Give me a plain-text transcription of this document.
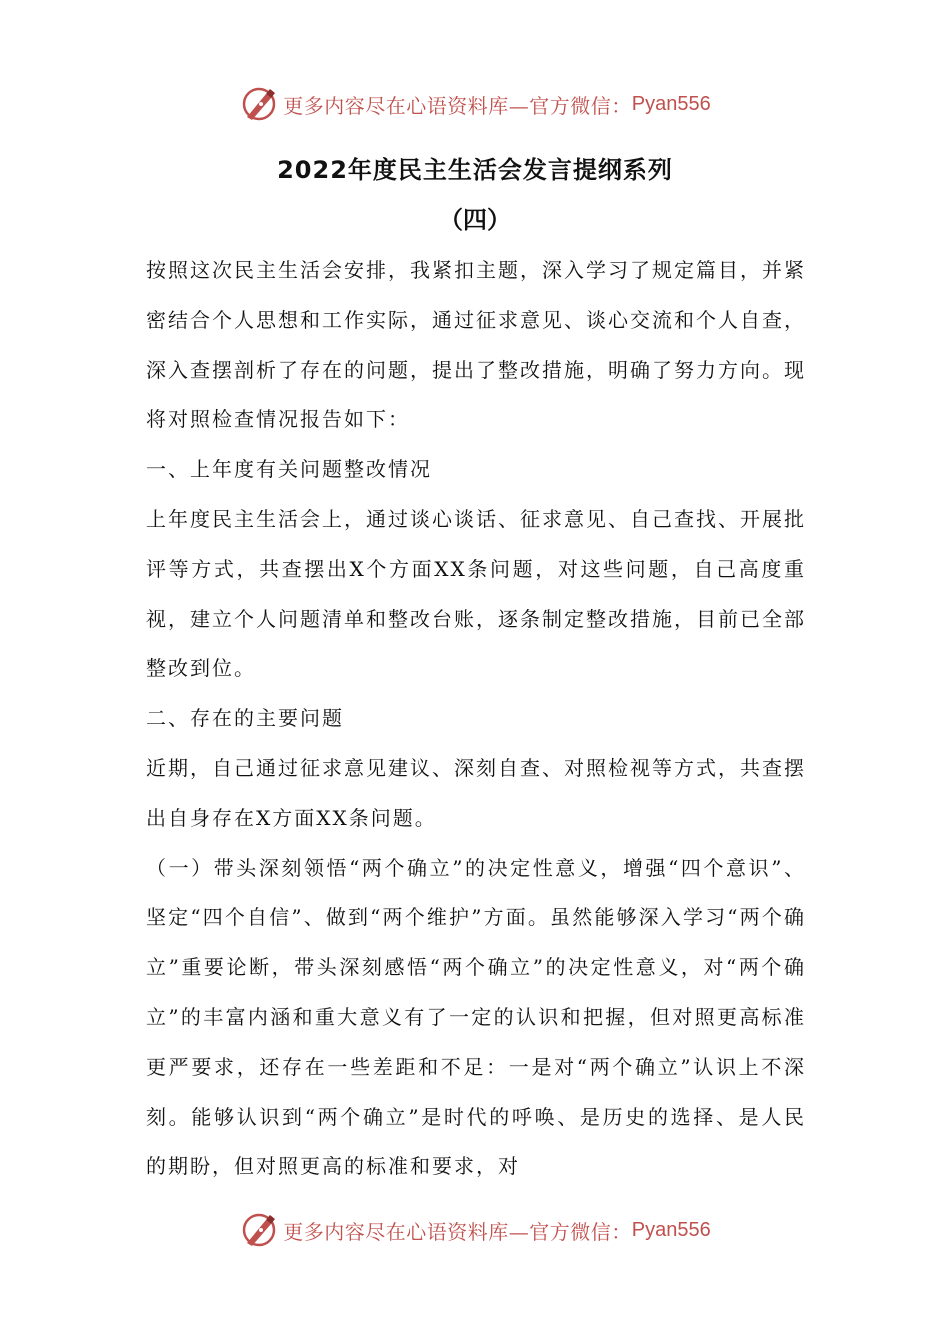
更多内容尽在心语资料库—官方微信： Pyan556
2022年度民主生活会发言提纲系列
（四）

按照这次民主生活会安排，我紧扣主题，深入学习了规定篇目，并紧密结合个人思想和工作实际，通过征求意见、谈心交流和个人自查，深入查摆剖析了存在的问题，提出了整改措施，明确了努力方向。现将对照检查情况报告如下：

一、上年度有关问题整改情况

上年度民主生活会上，通过谈心谈话、征求意见、自己查找、开展批评等方式，共查摆出X个方面XX条问题，对这些问题，自己高度重视，建立个人问题清单和整改台账，逐条制定整改措施，目前已全部整改到位。

二、存在的主要问题

近期，自己通过征求意见建议、深刻自查、对照检视等方式，共查摆出自身存在X方面XX条问题。

（一）带头深刻领悟“两个确立”的决定性意义，增强“四个意识”、坚定“四个自信”、做到“两个维护”方面。虽然能够深入学习“两个确立”重要论断，带头深刻感悟“两个确立”的决定性意义，对“两个确立”的丰富内涵和重大意义有了一定的认识和把握，但对照更高标准更严要求，还存在一些差距和不足：一是对“两个确立”认识上不深刻。能够认识到“两个确立”是时代的呼唤、是历史的选择、是人民的期盼，但对照更高的标准和要求，对

更多内容尽在心语资料库—官方微信： Pyan556
